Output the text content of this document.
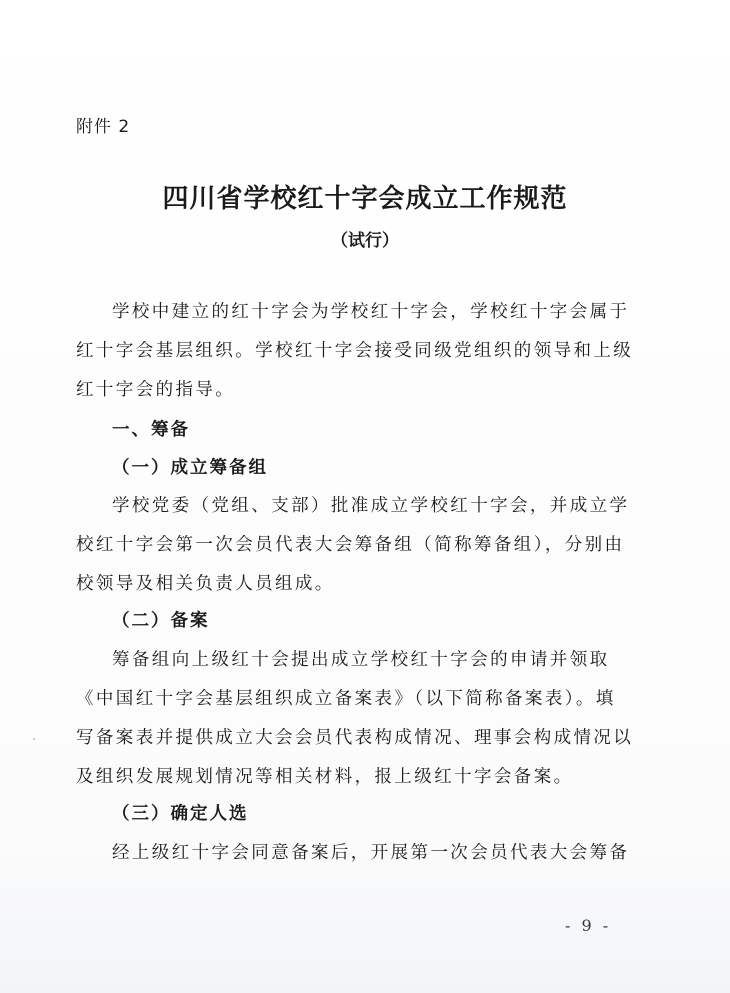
附件 2
四川省学校红十字会成立工作规范
（试行）
学校中建立的红十字会为学校红十字会，学校红十字会属于
红十字会基层组织。学校红十字会接受同级党组织的领导和上级
红十字会的指导。
一、筹备
（一）成立筹备组
学校党委（党组、支部）批准成立学校红十字会，并成立学
校红十字会第一次会员代表大会筹备组（简称筹备组），分别由
校领导及相关负责人员组成。
（二）备案
筹备组向上级红十会提出成立学校红十字会的申请并领取
《中国红十字会基层组织成立备案表》（以下简称备案表）。填
写备案表并提供成立大会会员代表构成情况、理事会构成情况以
及组织发展规划情况等相关材料，报上级红十字会备案。
（三）确定人选
经上级红十字会同意备案后，开展第一次会员代表大会筹备
- 9 -
